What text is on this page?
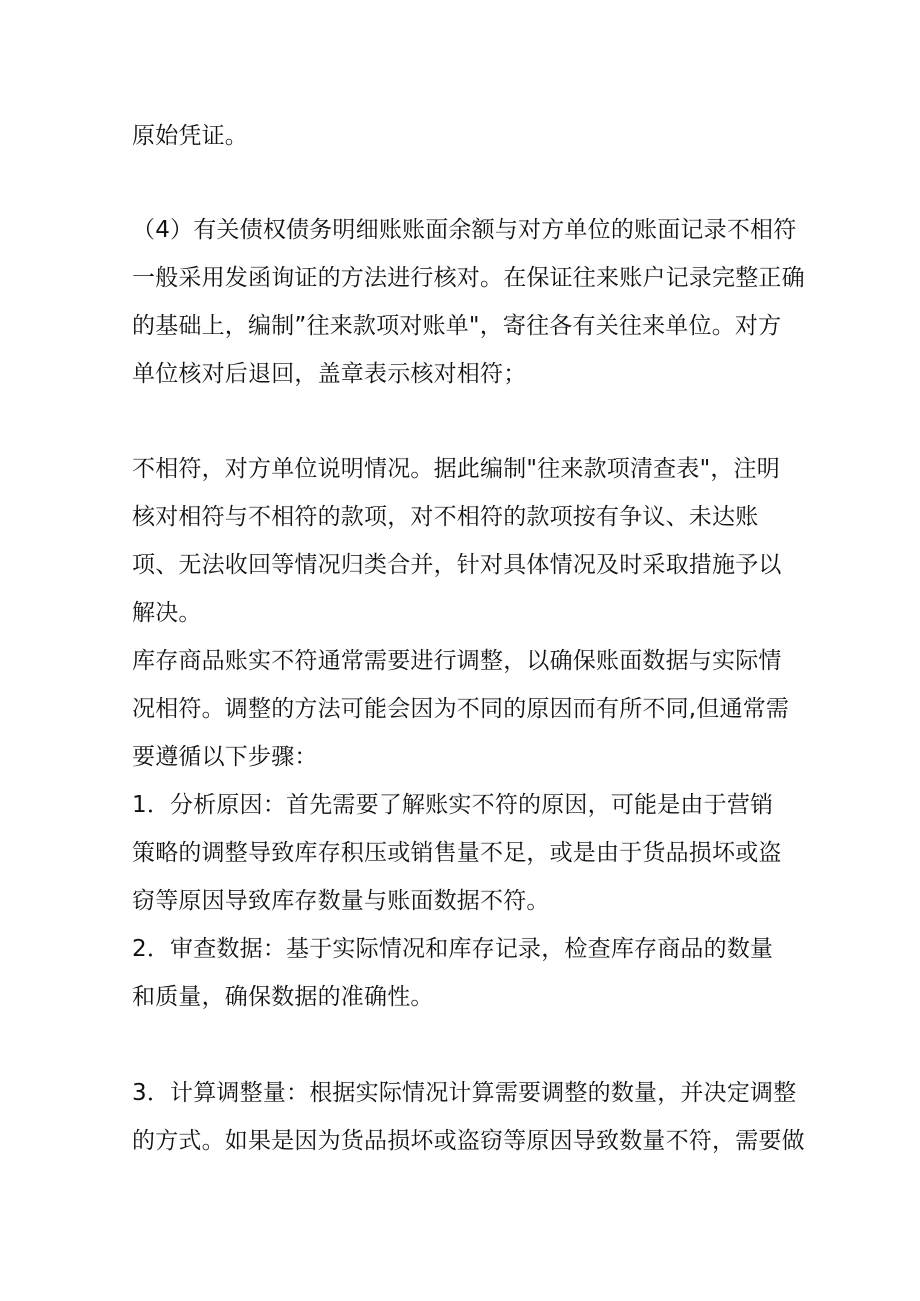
原始凭证。
（4）有关债权债务明细账账面余额与对方单位的账面记录不相符
一般采用发函询证的方法进行核对。在保证往来账户记录完整正确
的基础上，编制”往来款项对账单"，寄往各有关往来单位。对方
单位核对后退回，盖章表示核对相符；
不相符，对方单位说明情况。据此编制"往来款项清查表"，注明
核对相符与不相符的款项，对不相符的款项按有争议、未达账
项、无法收回等情况归类合并，针对具体情况及时采取措施予以
解决。
库存商品账实不符通常需要进行调整，以确保账面数据与实际情
况相符。调整的方法可能会因为不同的原因而有所不同,但通常需
要遵循以下步骤：
1．分析原因：首先需要了解账实不符的原因，可能是由于营销
策略的调整导致库存积压或销售量不足，或是由于货品损坏或盗
窃等原因导致库存数量与账面数据不符。
2．审查数据：基于实际情况和库存记录，检查库存商品的数量
和质量，确保数据的准确性。
3．计算调整量：根据实际情况计算需要调整的数量，并决定调整
的方式。如果是因为货品损坏或盗窃等原因导致数量不符，需要做
